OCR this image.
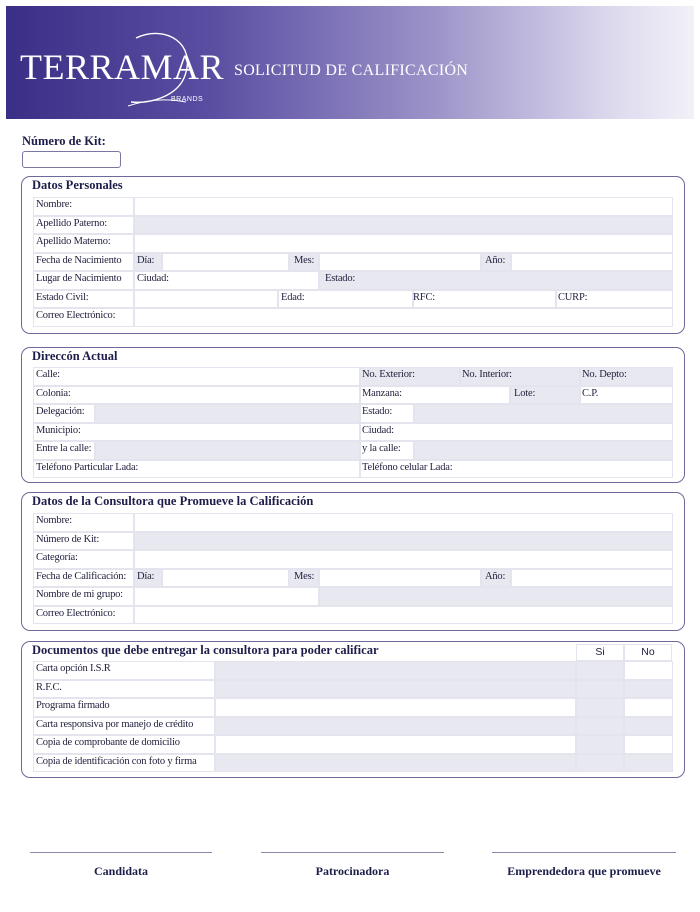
TERRAMAR
BRANDS
SOLICITUD DE CALIFICACIÓN
Número de Kit:
Datos Personales
Nombre:
Apellido Paterno:
Apellido Materno:
Fecha de Nacimiento Día:	Mes:	Año:
Lugar de Nacimiento Ciudad:	Estado:
Estado Civil:	Edad:	RFC:	CURP:
Correo Electrónico:
Direccón Actual
Calle:	No. Exterior:	No. Interior:	No. Depto:
Colonia:	Manzana:	Lote:	C.P.
Delegación:	Estado:
Municipio:	Ciudad:
Entre la calle:	y la calle:
Teléfono Particular Lada:	Teléfono celular Lada:
Datos de la Consultora que Promueve la Calificación
Nombre:
Número de Kit:
Categoría:
Fecha de Calificación: Día:	Mes:	Año:
Nombre de mi grupo:
Correo Electrónico:
Documentos que debe entregar la consultora para poder calificar	Si	No
Carta opción I.S.R
R.F.C.
Programa firmado
Carta responsiva por manejo de crédito
Copia de comprobante de domicilio
Copia de identificación con foto y firma
Candidata	Patrocinadora	Emprendedora que promueve
